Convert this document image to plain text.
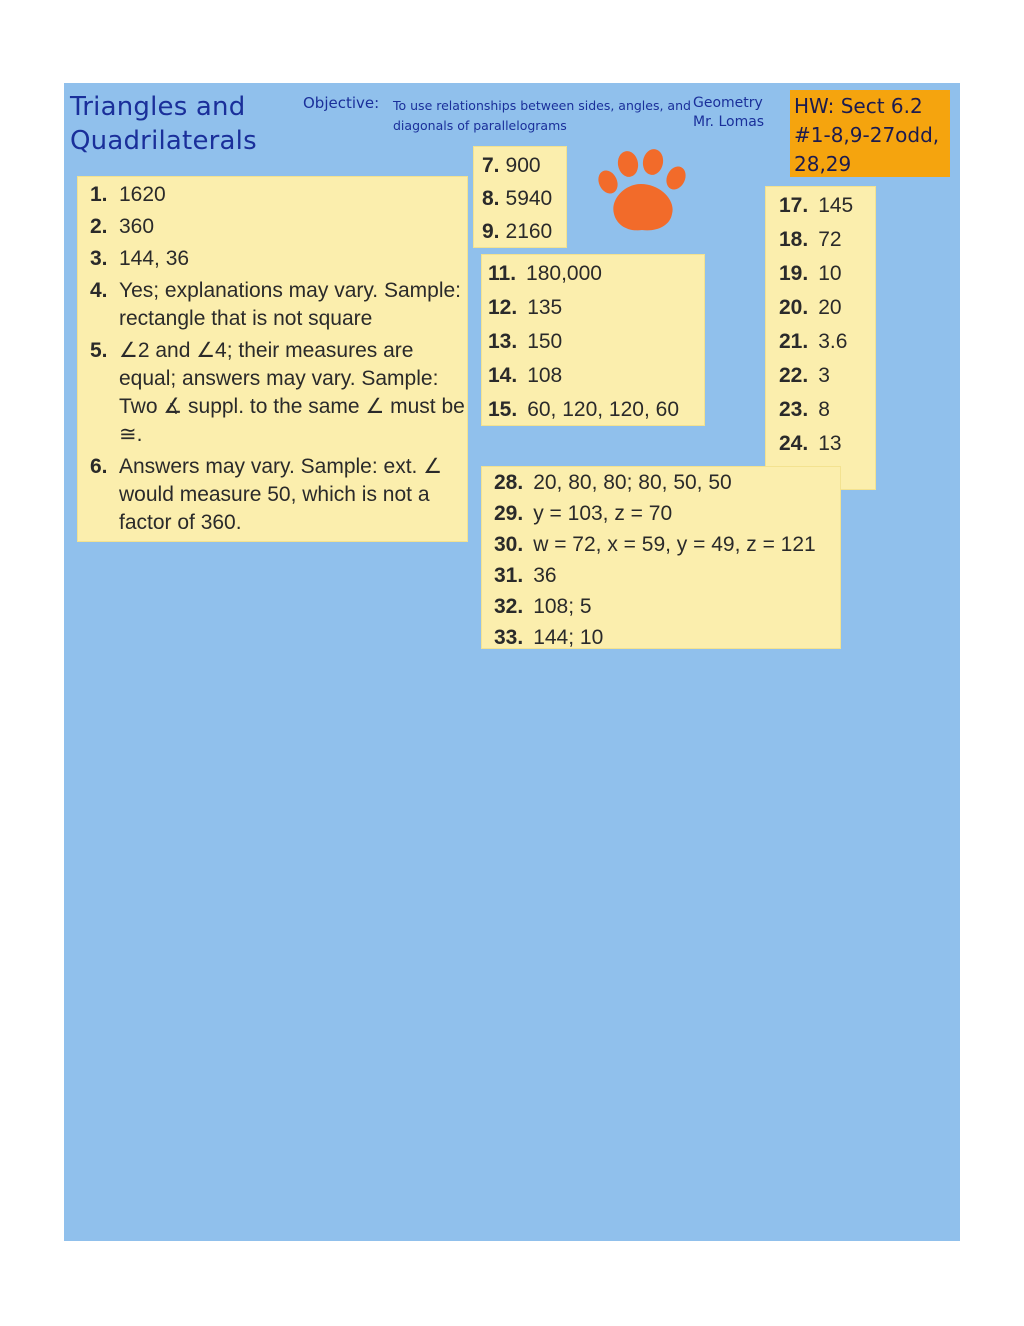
Triangles and
Quadrilaterals
Objective: To use relationships between sides, angles, and diagonals of parallelograms
Geometry
Mr. Lomas
HW: Sect 6.2
#1-8,9-27odd,
28,29
1. 1620
2. 360
3. 144, 36
4. Yes; explanations may vary. Sample: rectangle that is not square
5. ∠2 and ∠4; their measures are equal; answers may vary. Sample: Two ∡ suppl. to the same ∠ must be ≅.
6. Answers may vary. Sample: ext. ∠ would measure 50, which is not a factor of 360.
7. 900
8. 5940
9. 2160
11. 180,000
12. 135
13. 150
14. 108
15. 60, 120, 120, 60
17. 145
18. 72
19. 10
20. 20
21. 3.6
22. 3
23. 8
24. 13
28. 20, 80, 80; 80, 50, 50
29. y = 103, z = 70
30. w = 72, x = 59, y = 49, z = 121
31. 36
32. 108; 5
33. 144; 10
